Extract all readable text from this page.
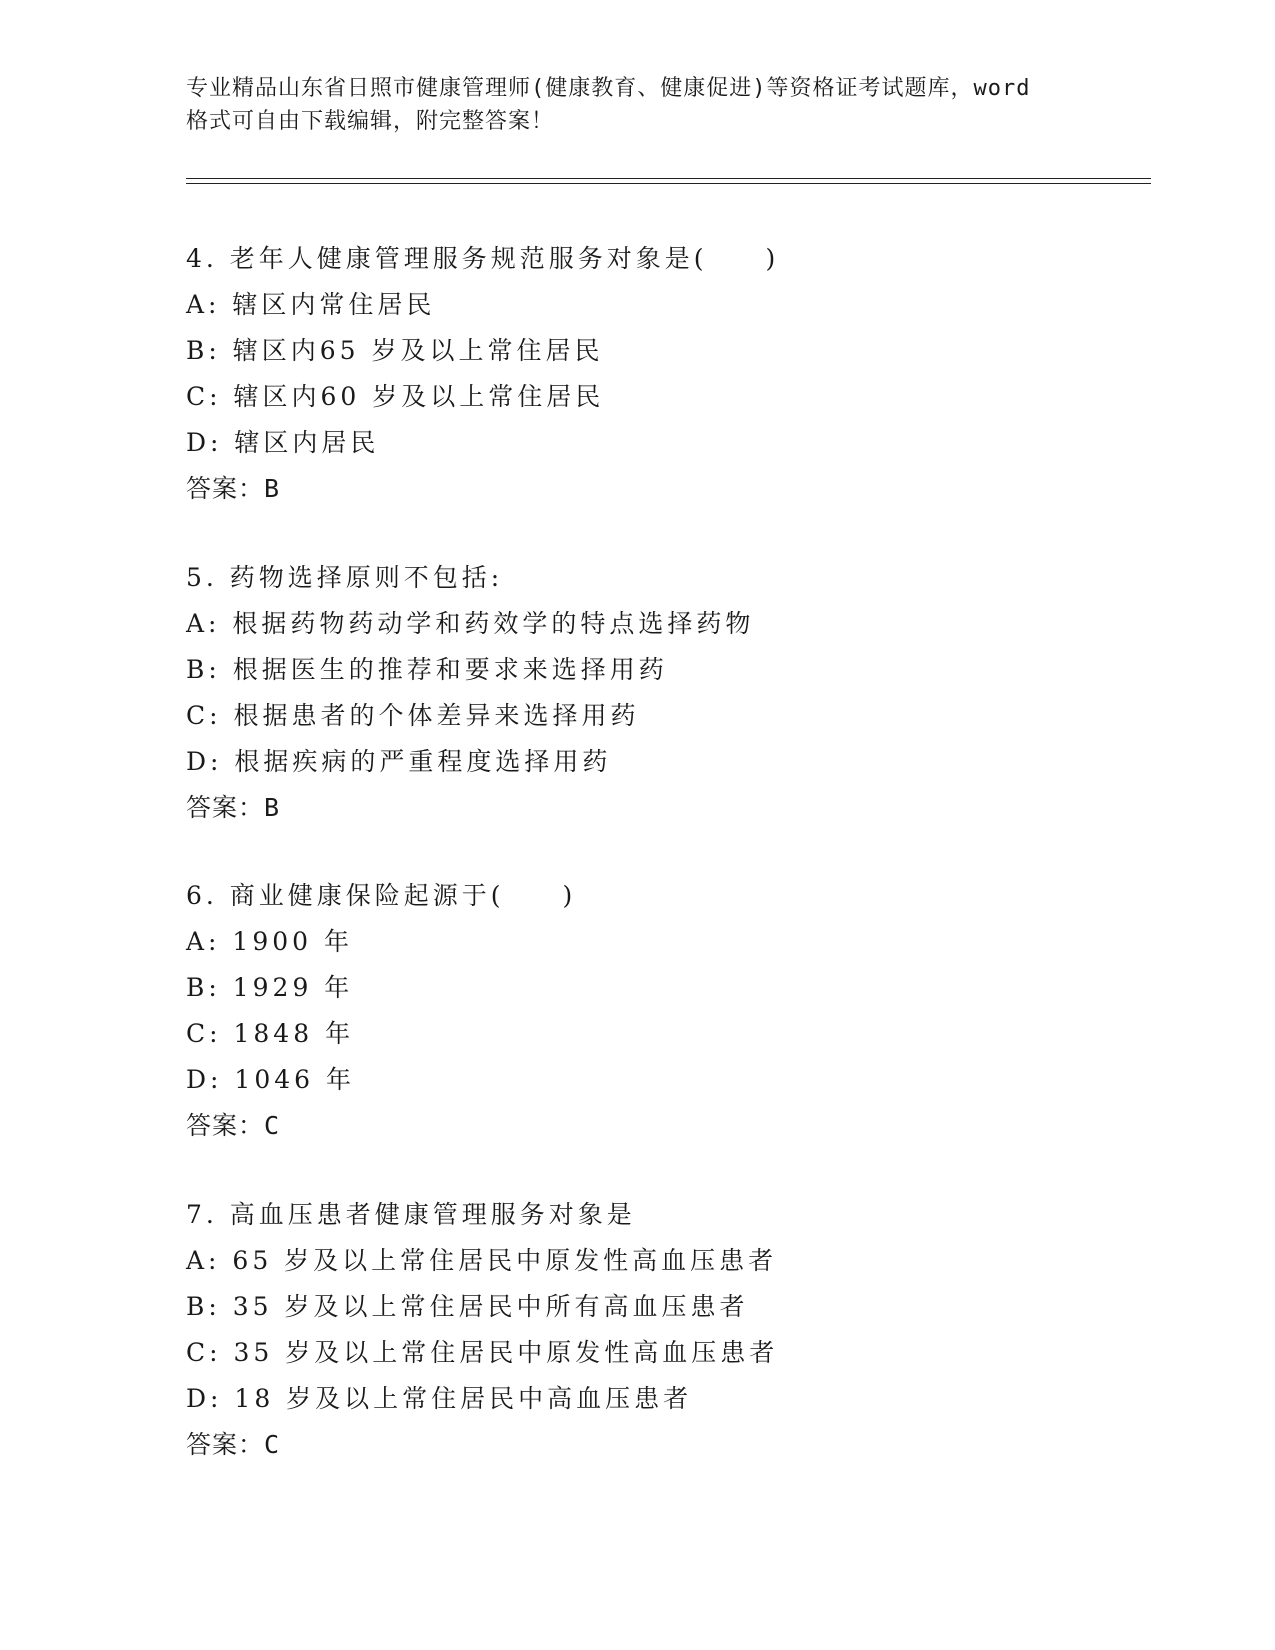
专业精品山东省日照市健康管理师(健康教育、健康促进)等资格证考试题库，word
格式可自由下载编辑，附完整答案！
4. 老年人健康管理服务规范服务对象是(　　)
A: 辖区内常住居民
B: 辖区内65 岁及以上常住居民
C: 辖区内60 岁及以上常住居民
D: 辖区内居民
答案：B
5. 药物选择原则不包括:
A: 根据药物药动学和药效学的特点选择药物
B: 根据医生的推荐和要求来选择用药
C: 根据患者的个体差异来选择用药
D: 根据疾病的严重程度选择用药
答案：B
6. 商业健康保险起源于(　　)
A: 1900 年
B: 1929 年
C: 1848 年
D: 1046 年
答案：C
7. 高血压患者健康管理服务对象是
A: 65 岁及以上常住居民中原发性高血压患者
B: 35 岁及以上常住居民中所有高血压患者
C: 35 岁及以上常住居民中原发性高血压患者
D: 18 岁及以上常住居民中高血压患者
答案：C
